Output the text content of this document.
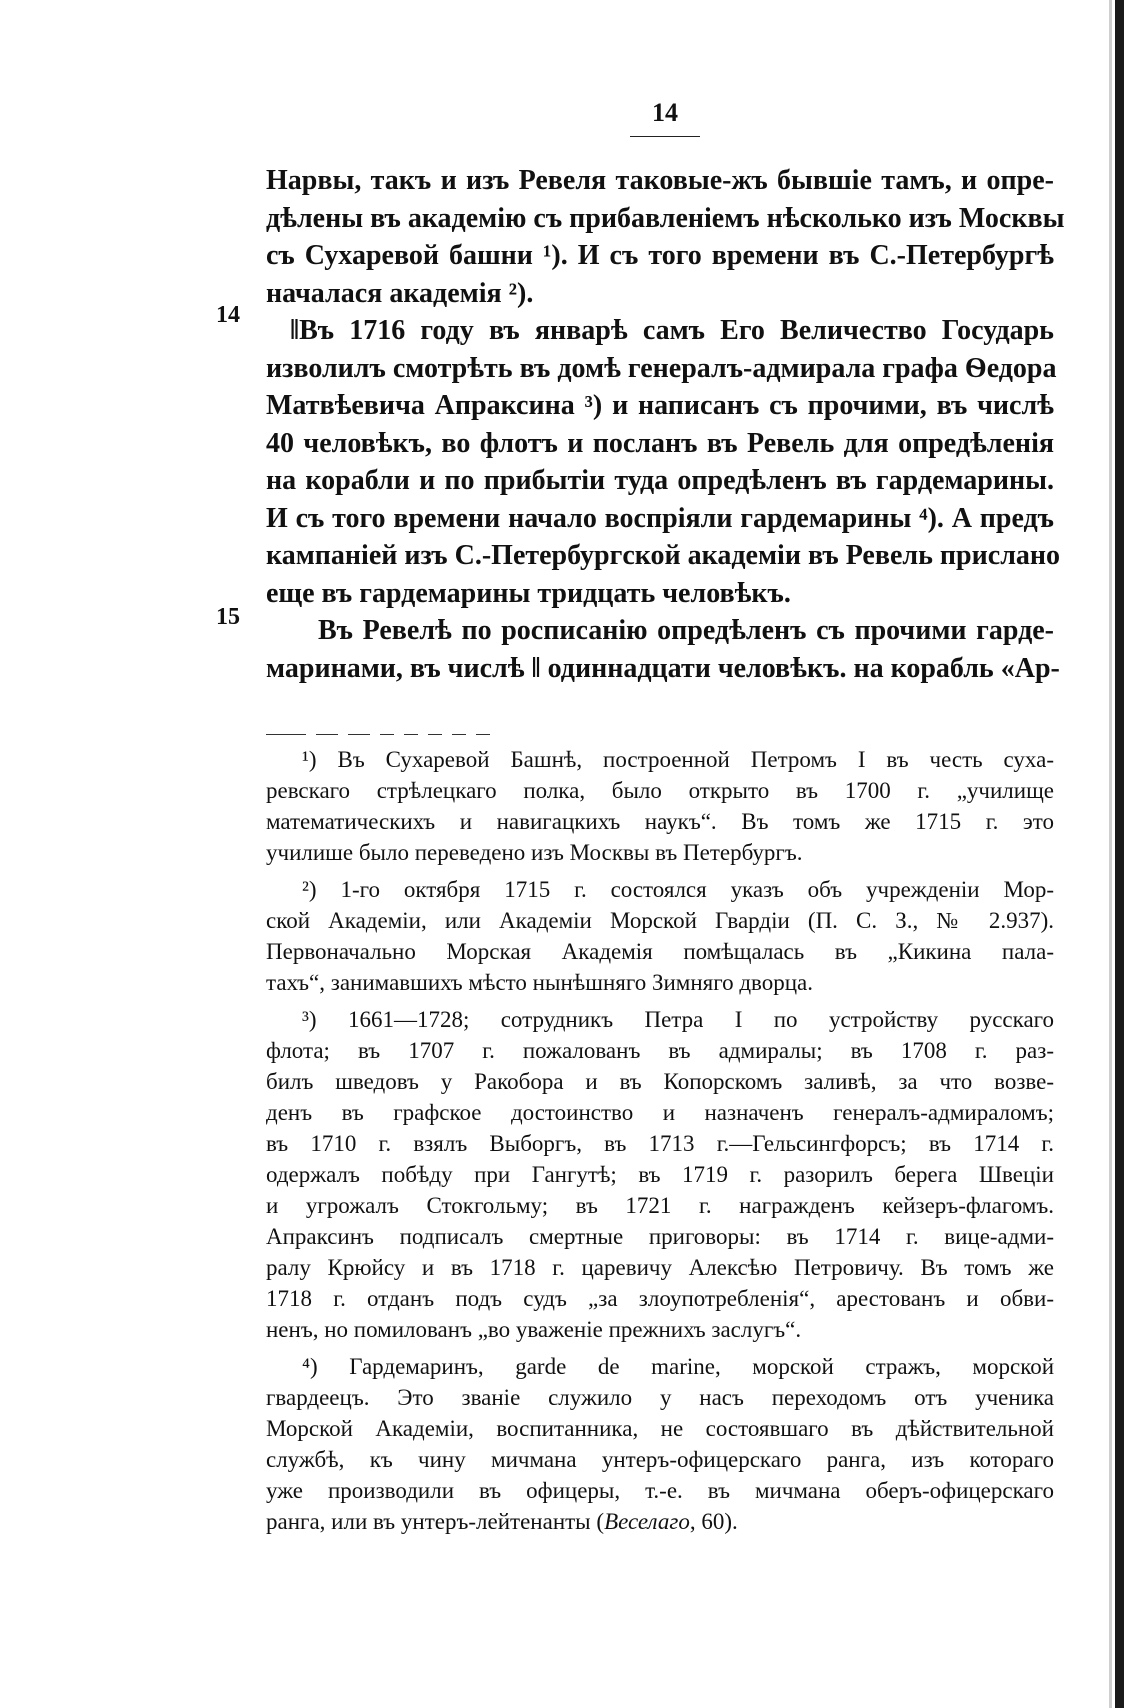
14
14
15
Нарвы, такъ и изъ Ревеля таковые-жъ бывшіе тамъ, и опре-
дѣлены въ академію съ прибавленіемъ нѣсколько изъ Москвы
съ Сухаревой башни ¹). И съ того времени въ С.-Петербургѣ
началася академія ²).
‖Въ 1716 году въ январѣ самъ Его Величество Государь
изволилъ смотрѣть въ домѣ генералъ-адмирала графа Ѳедора
Матвѣевича Апраксина ³) и написанъ съ прочими, въ числѣ
40 человѣкъ, во флотъ и посланъ въ Ревель для опредѣленія
на корабли и по прибытіи туда опредѣленъ въ гардемарины.
И съ того времени начало воспріяли гардемарины ⁴). А предъ
кампаніей изъ С.-Петербургской академіи въ Ревель прислано
еще въ гардемарины тридцать человѣкъ.
Въ Ревелѣ по росписанію опредѣленъ съ прочими гарде-
маринами, въ числѣ ‖ одиннадцати человѣкъ. на корабль «Ар-
¹) Въ Сухаревой Башнѣ, построенной Петромъ I въ честь суха-
ревскаго стрѣлецкаго полка, было открыто въ 1700 г. „училище
математическихъ и навигацкихъ наукъ“. Въ томъ же 1715 г. это
училише было переведено изъ Москвы въ Петербургъ.
²) 1-го октября 1715 г. состоялся указъ объ учрежденіи Мор-
ской Академіи, или Академіи Морской Гвардіи (П. С. З., № 2.937).
Первоначально Морская Академія помѣщалась въ „Кикина пала-
тахъ“, занимавшихъ мѣсто нынѣшняго Зимняго дворца.
³) 1661—1728; сотрудникъ Петра I по устройству русскаго
флота; въ 1707 г. пожалованъ въ адмиралы; въ 1708 г. раз-
билъ шведовъ у Ракобора и въ Копорскомъ заливѣ, за что возве-
денъ въ графское достоинство и назначенъ генералъ-адмираломъ;
въ 1710 г. взялъ Выборгъ, въ 1713 г.—Гельсингфорсъ; въ 1714 г.
одержалъ побѣду при Гангутѣ; въ 1719 г. разорилъ берега Швеціи
и угрожалъ Стокгольму; въ 1721 г. награжденъ кейзеръ-флагомъ.
Апраксинъ подписалъ смертные приговоры: въ 1714 г. вице-адми-
ралу Крюйсу и въ 1718 г. царевичу Алексѣю Петровичу. Въ томъ же
1718 г. отданъ подъ судъ „за злоупотребленія“, арестованъ и обви-
ненъ, но помилованъ „во уваженіе прежнихъ заслугъ“.
⁴) Гардемаринъ, garde de marine, морской стражъ, морской
гвардеецъ. Это званіе служило у насъ переходомъ отъ ученика
Морской Академіи, воспитанника, не состоявшаго въ дѣйствительной
службѣ, къ чину мичмана унтеръ-офицерскаго ранга, изъ котораго
уже производили въ офицеры, т.-е. въ мичмана оберъ-офицерскаго
ранга, или въ унтеръ-лейтенанты (Веселаго, 60).
